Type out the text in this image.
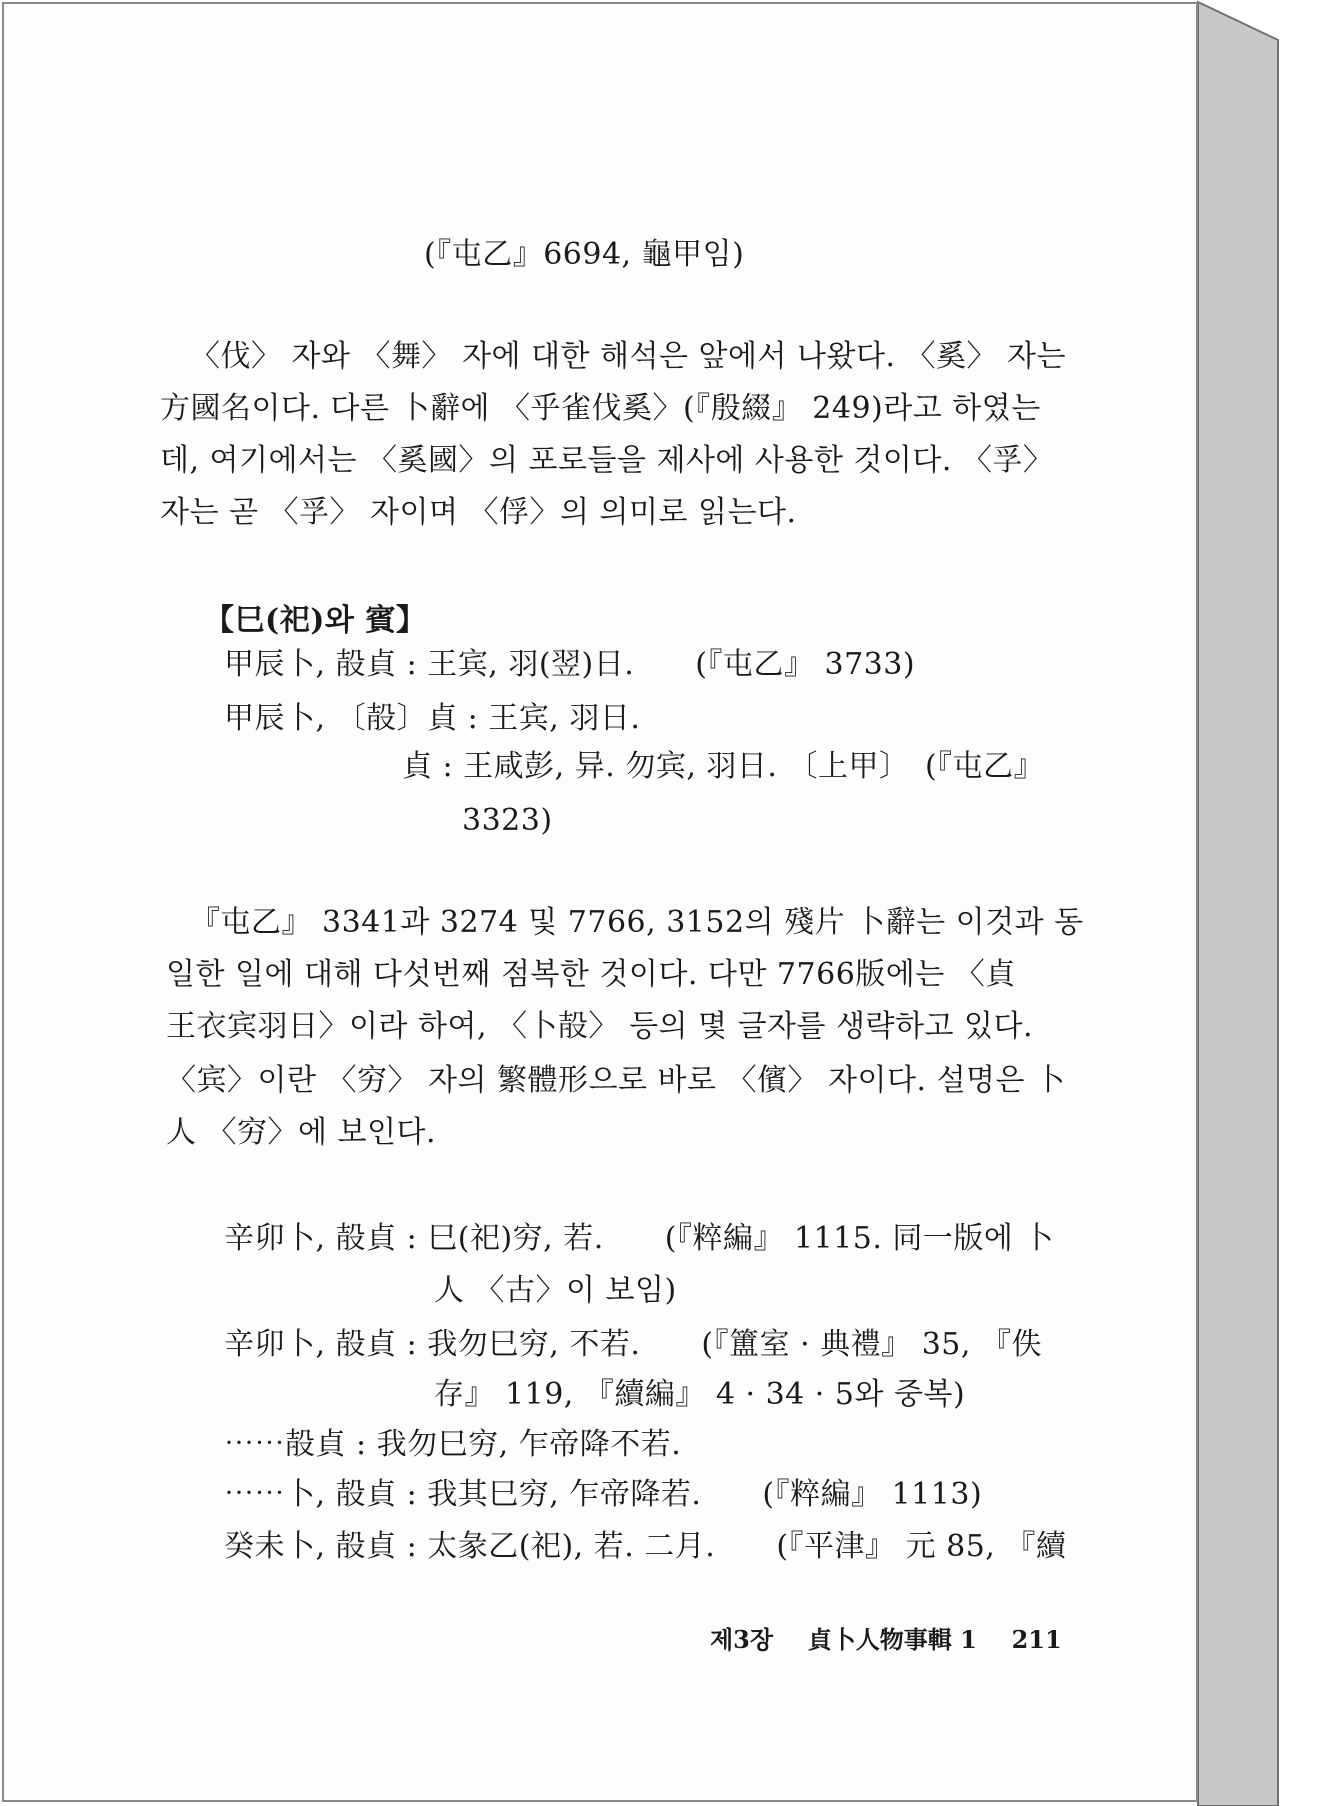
(『屯乙』6694, 龜甲임)
〈伐〉 자와 〈舞〉 자에 대한 해석은 앞에서 나왔다. 〈奚〉 자는
方國名이다. 다른 卜辭에 〈乎雀伐奚〉(『殷綴』 249)라고 하였는
데, 여기에서는 〈奚國〉의 포로들을 제사에 사용한 것이다. 〈孚〉
자는 곧 〈孚〉 자이며 〈俘〉의 의미로 읽는다.
【巳(祀)와 賓】
甲辰卜, 㱿貞 : 王宾, 羽(翌)日.　　(『屯乙』 3733)
甲辰卜, 〔㱿〕貞 : 王宾, 羽日.
貞 : 王咸彭, 异. 勿宾, 羽日. 〔上甲〕　(『屯乙』
3323)
『屯乙』 3341과 3274 및 7766, 3152의 殘片 卜辭는 이것과 동
일한 일에 대해 다섯번째 점복한 것이다. 다만 7766版에는 〈貞
王衣宾羽日〉이라 하여, 〈卜㱿〉 등의 몇 글자를 생략하고 있다.
〈宾〉이란 〈穷〉 자의 繁體形으로 바로 〈儐〉 자이다. 설명은 卜
人 〈穷〉에 보인다.
辛卯卜, 㱿貞 : 巳(祀)穷, 若.　　(『粹編』 1115. 同一版에 卜
人 〈古〉이 보임)
辛卯卜, 㱿貞 : 我勿巳穷, 不若.　　(『簠室 · 典禮』 35, 『佚
存』 119, 『續編』 4 · 34 · 5와 중복)
⋯⋯㱿貞 : 我勿巳穷, 乍帝降不若.
⋯⋯卜, 㱿貞 : 我其巳穷, 乍帝降若.　　(『粹編』 1113)
癸未卜, 㱿貞 : 太彖乙(祀), 若. 二月.　　(『平津』 元 85, 『續
제3장 貞卜人物事輯 1 211
